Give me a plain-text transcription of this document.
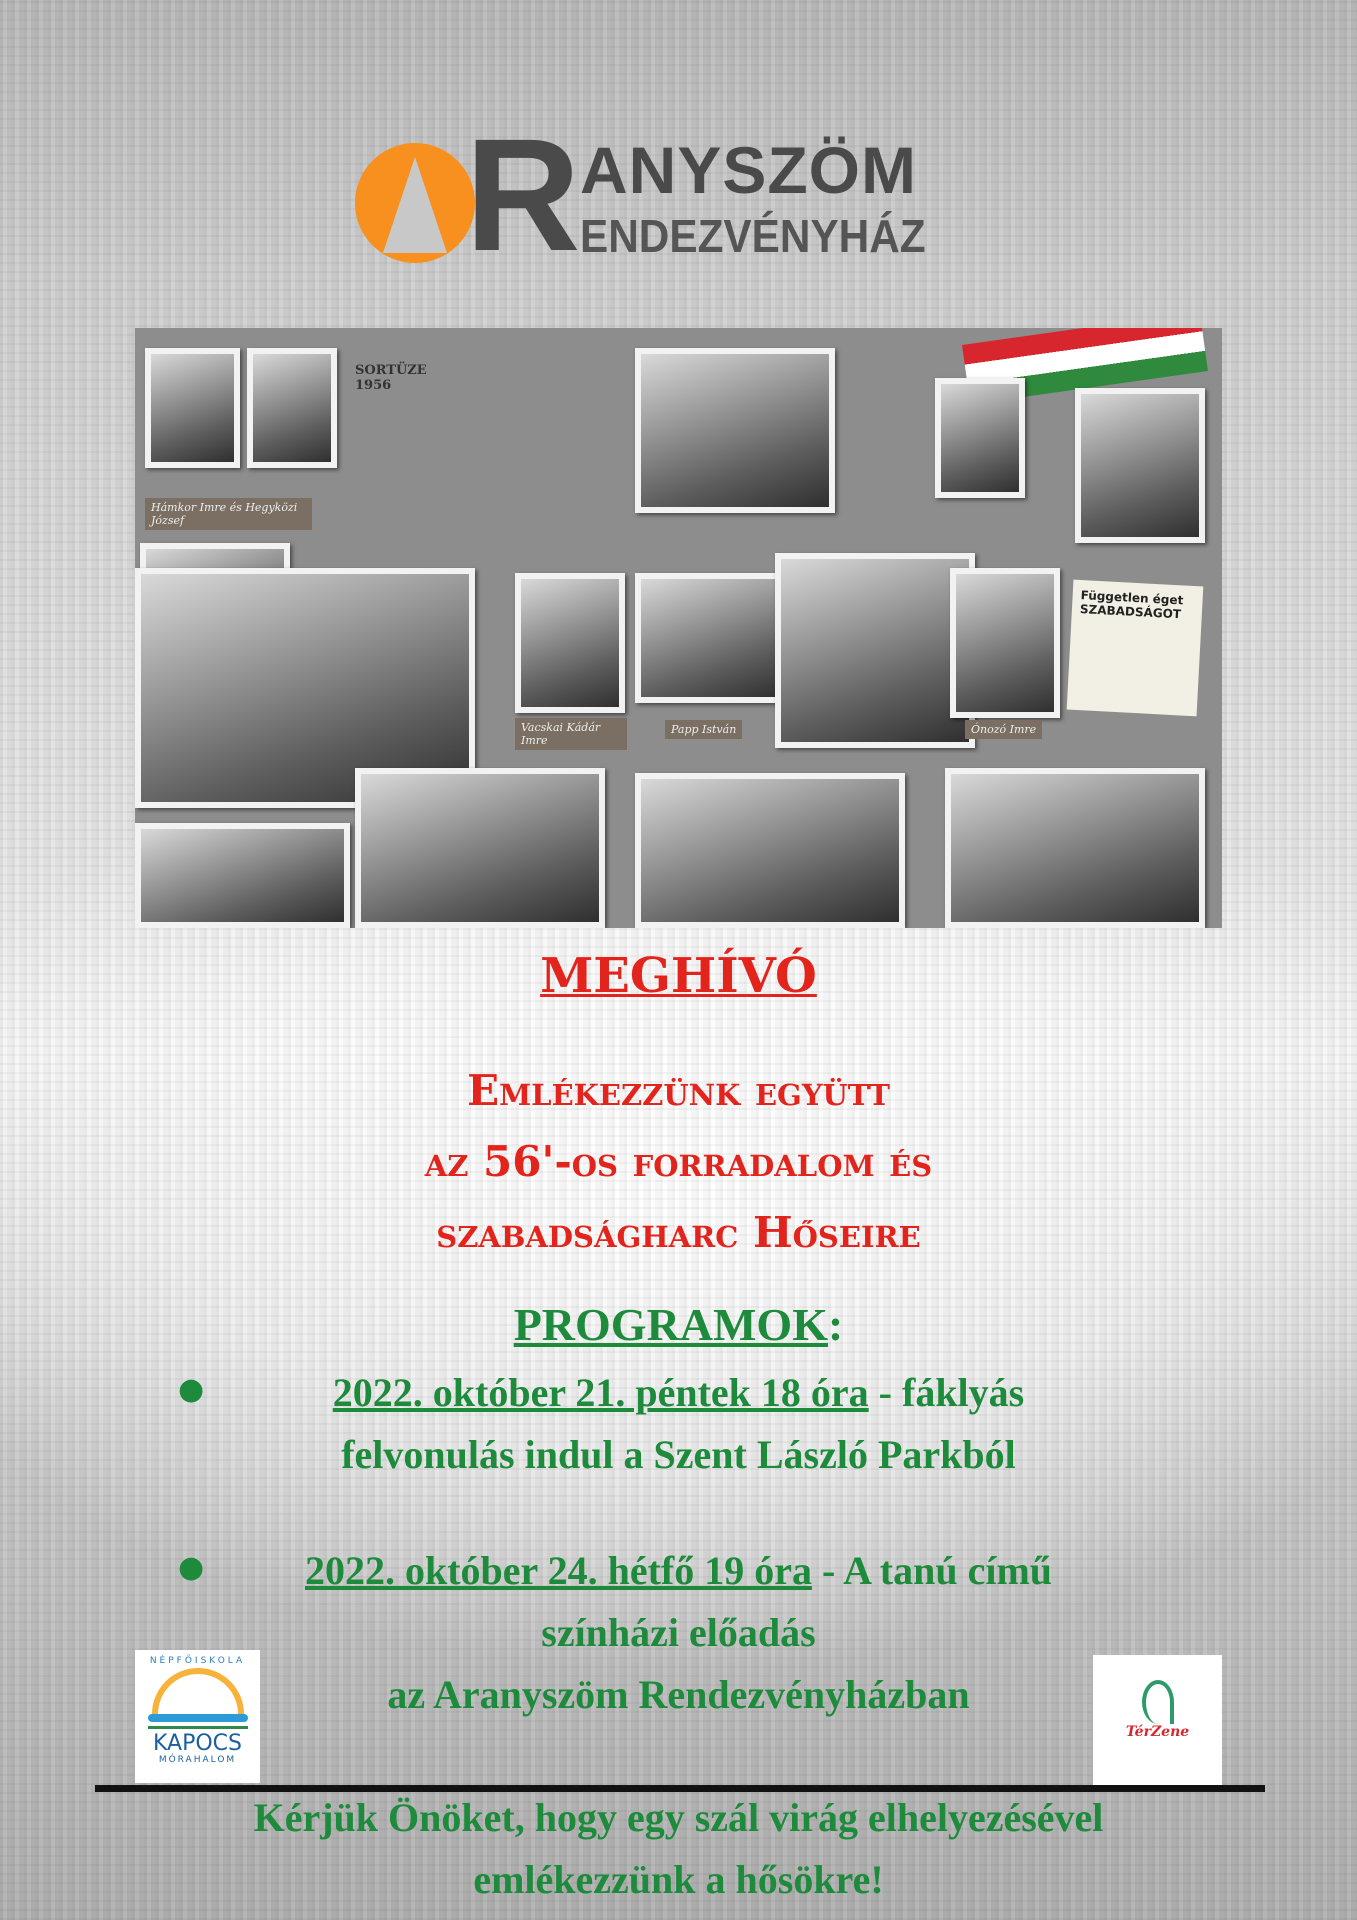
R ANYSZÖM
ENDEZVÉNYHÁZ
Hámkor Imre és Hegyközi József
SORTÜZE 1956
Vacskai Kádár Imre
Papp István	Ónozó Imre
Független éget
SZABADSÁGOT
MEGHÍVÓ
Emlékezzünk együtt
az 56'-os forradalom és
szabadságharc Hőseire
PROGRAMOK:
●	2022. október 21. péntek 18 óra - fáklyás
felvonulás indul a Szent László Parkból
●	2022. október 24. hétfő 19 óra - A tanú című
színházi előadás
az Aranyszöm Rendezvényházban
NÉPFŐISKOLA
KAPOCS
MÓRAHALOM
TérZene
Kérjük Önöket, hogy egy szál virág elhelyezésével
emlékezzünk a hősökre!
